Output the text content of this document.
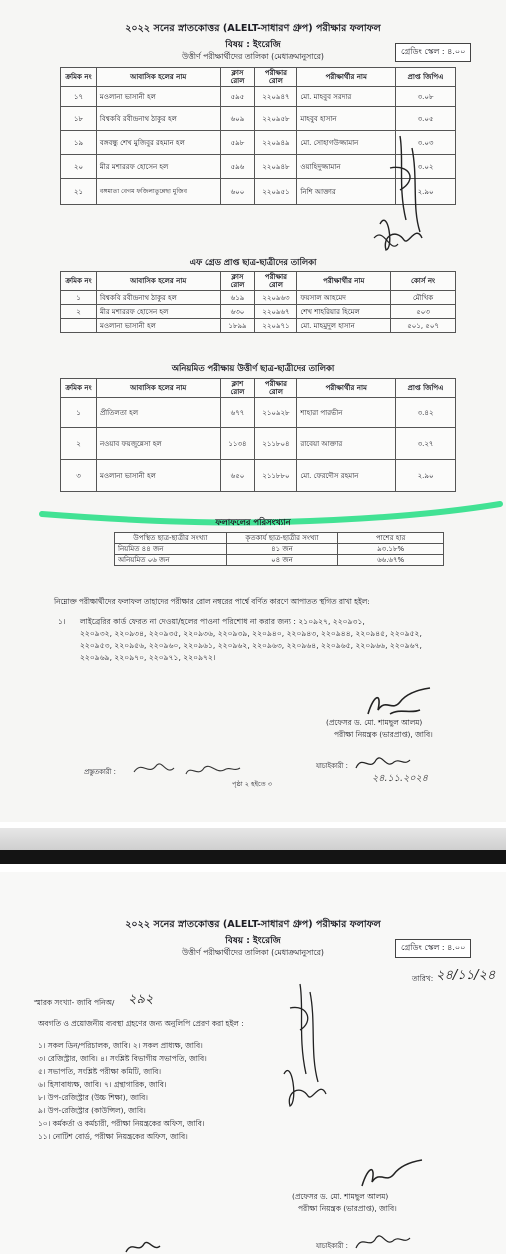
২০২২ সনের স্নাতকোত্তর (ALELT-সাধারণ গ্রুপ) পরীক্ষার ফলাফল
বিষয় : ইংরেজি
উত্তীর্ণ পরীক্ষার্থীদের তালিকা (মেধাক্রমানুসারে)
গ্রেডিং স্কেল : ৪.০০
ক্রমিক নং	আবাসিক হলের নাম	ক্লাস রোল	পরীক্ষার রোল	পরীক্ষার্থীর নাম	প্রাপ্ত জিপিএ
১৭	মওলানা ভাসানী হল	৫৯৫	২২০৯৪৭	মো. মাহবুব সরদার	৩.০৮
১৮	বিশ্বকবি রবীন্দ্রনাথ ঠাকুর হল	৬০৯	২২০৯৫৮	মাহবুব হাসান	৩.০৫
১৯	বঙ্গবন্ধু শেখ মুজিবুর রহমান হল	৫৯৮	২২০৯৪৯	মো. সোহাগউজ্জামান	৩.০৩
২০	মীর মশাররফ হোসেন হল	৫৯৬	২২০৯৪৮	ওয়াহিদুজ্জামান	৩.০২
২১	বঙ্গমাতা বেগম ফজিলাতুন্নেছা মুজিব	৬০০	২২০৯৫১	নিশি আক্তার	২.৯০
এফ গ্রেড প্রাপ্ত ছাত্র-ছাত্রীদের তালিকা
ক্রমিক নং	আবাসিক হলের নাম	ক্লাস রোল	পরীক্ষার রোল	পরীক্ষার্থীর নাম	কোর্স নং
১	বিশ্বকবি রবীন্দ্রনাথ ঠাকুর হল	৬১৯	২২০৯৬৩	ফয়সাল আহমেদ	মৌখিক
২	মীর মশাররফ হোসেন হল	৬৩০	২২০৯৬৭	শেখ শাহরিয়ার হিমেল	৫০৩
	মওলানা ভাসানী হল	১৮৯৯	২২০৯৭১	মো. মাহমুদুল হাসান	৫০১, ৫০৭
অনিয়মিত পরীক্ষায় উত্তীর্ণ ছাত্র-ছাত্রীদের তালিকা
ক্রমিক নং	আবাসিক হলের নাম	ক্লাশ রোল	পরীক্ষার রোল	পরীক্ষার্থীর নাম	প্রাপ্ত জিপিএ
১	প্রীতিলতা হল	৬৭৭	২১০৯২৮	শাহারা পারভীন	৩.৪২
২	নওয়াব ফয়জুন্নেসা হল	১১৩৪	২১১৮০৪	রাবেয়া আক্তার	৩.২৭
৩	মওলানা ভাসানী হল	৬৫০	২১১৮৮০	মো. ফেরদৌস রহমান	২.৯০
ফলাফলের পরিসংখ্যান
উপস্থিত ছাত্র-ছাত্রীর সংখ্যা	কৃতকার্য ছাত্র-ছাত্রীর সংখ্যা	পাশের হার
নিয়মিত ৪৪ জন	৪১ জন	৯৩.১৮%
অনিয়মিত ০৬ জন	০৪ জন	৬৬.৬৭%
নিম্নোক্ত পরীক্ষার্থীদের ফলাফল তাহাদের পরীক্ষার রোল নম্বরের পার্শ্বে বর্ণিত কারণে আপাতত স্থগিত রাখা হইল:
১। লাইব্রেরির কার্ড ফেরত না দেওয়া/হলের পাওনা পরিশোধ না করার জন্য : ২১০৯২৭, ২২০৯৩১,
২২০৯৩২, ২২০৯৩৪, ২২০৯৩৫, ২২০৯৩৬, ২২০৯৩৯, ২২০৯৪০, ২২০৯৪৩, ২২০৯৪৪, ২২০৯৪৫, ২২০৯৫২,
২২০৯৫৩, ২২০৯৫৬, ২২০৯৬০, ২২০৯৬১, ২২০৯৬২, ২২০৯৬৩, ২২০৯৬৪, ২২০৯৬৫, ২২০৯৬৬, ২২০৯৬৭,
২২০৯৬৯, ২২০৯৭০, ২২০৯৭১, ২২০৯৭২।
(প্রফেসর ড. মো. শামছুল আলম)
পরীক্ষা নিয়ন্ত্রক (ভারপ্রাপ্ত), জাবি।
প্রস্তুতকারী :
পৃষ্ঠা ২ হইতে ৩
যাচাইকারী :
২৪.১১.২০২৪
২০২২ সনের স্নাতকোত্তর (ALELT-সাধারণ গ্রুপ) পরীক্ষার ফলাফল
বিষয় : ইংরেজি
উত্তীর্ণ পরীক্ষার্থীদের তালিকা (মেধাক্রমানুসারে)
গ্রেডিং স্কেল : ৪.০০
তারিখ: ২৪/১১/২৪
স্মারক সংখ্যা- জাবি পনিঅ/ ২৯২
অবগতি ও প্রয়োজনীয় ব্যবস্থা গ্রহণের জন্য অনুলিপি প্রেরণ করা হইল :
১। সকল ডিন/পরিচালক, জাবি। ২। সকল প্রাধ্যক্ষ, জাবি।
৩। রেজিস্ট্রার, জাবি। ৪। সংশ্লিষ্ট বিভাগীয় সভাপতি, জাবি।
৫। সভাপতি, সংশ্লিষ্ট পরীক্ষা কমিটি, জাবি।
৬। হিসাবাধ্যক্ষ, জাবি। ৭। গ্রন্থাগারিক, জাবি।
৮। উপ-রেজিস্ট্রার (উচ্চ শিক্ষা), জাবি।
৯। উপ-রেজিস্ট্রার (কাউন্সিল), জাবি।
১০। কর্মকর্তা ও কর্মচারী, পরীক্ষা নিয়ন্ত্রকের অফিস, জাবি।
১১। নোটিশ বোর্ড, পরীক্ষা নিয়ন্ত্রকের অফিস, জাবি।
(প্রফেসর ড. মো. শামছুল আলম)
পরীক্ষা নিয়ন্ত্রক (ভারপ্রাপ্ত), জাবি।
যাচাইকারী :
